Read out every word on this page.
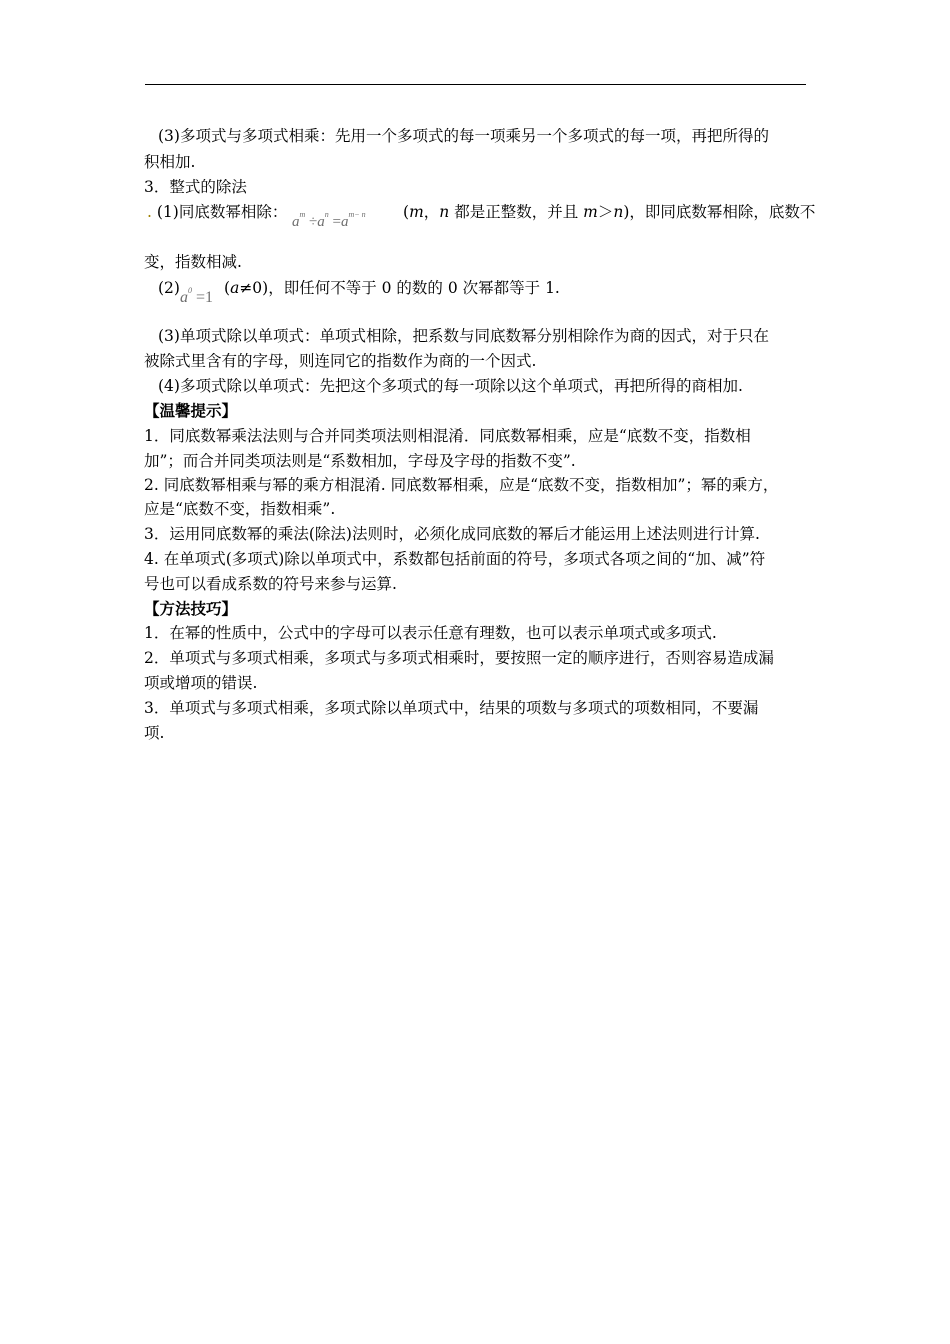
(3)多项式与多项式相乘：先用一个多项式的每一项乘另一个多项式的每一项，再把所得的
积相加.
3．整式的除法
. (1)同底数幂相除：
$a^m \div a^n =a^{m- n}$ (m，n 都是正整数，并且 m＞n)，即同底数幂相除，底数不
变，指数相减.
(2)
$a^0 =1$
(a≠0)，即任何不等于 0 的数的 0 次幂都等于 1.
(3)单项式除以单项式：单项式相除，把系数与同底数幂分别相除作为商的因式，对于只在
被除式里含有的字母，则连同它的指数作为商的一个因式.
(4)多项式除以单项式：先把这个多项式的每一项除以这个单项式，再把所得的商相加.
【温馨提示】
1．同底数幂乘法法则与合并同类项法则相混淆．同底数幂相乘，应是“底数不变，指数相
加”；而合并同类项法则是“系数相加，字母及字母的指数不变”.
2. 同底数幂相乘与幂的乘方相混淆. 同底数幂相乘，应是“底数不变，指数相加”；幂的乘方，
应是“底数不变，指数相乘”.
3．运用同底数幂的乘法(除法)法则时，必须化成同底数的幂后才能运用上述法则进行计算.
4. 在单项式(多项式)除以单项式中，系数都包括前面的符号，多项式各项之间的“加、减”符
号也可以看成系数的符号来参与运算.
【方法技巧】
1．在幂的性质中，公式中的字母可以表示任意有理数，也可以表示单项式或多项式.
2．单项式与多项式相乘，多项式与多项式相乘时，要按照一定的顺序进行，否则容易造成漏
项或增项的错误.
3．单项式与多项式相乘，多项式除以单项式中，结果的项数与多项式的项数相同，不要漏
项.
